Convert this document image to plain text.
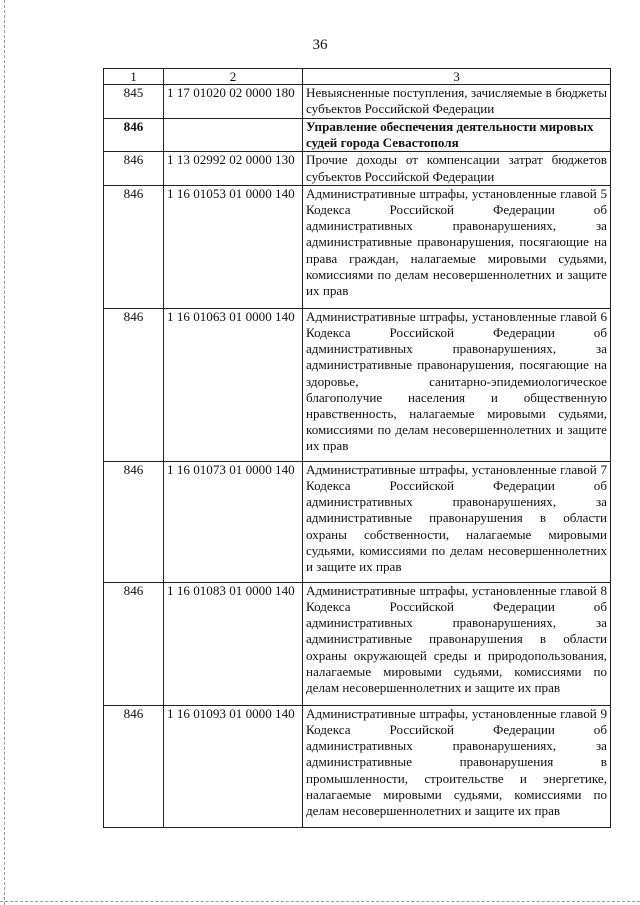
36
1	2	3
845	1 17 01020 02 0000 180	Невыясненные поступления, зачисляемые в бюджеты субъектов Российской Федерации
846		Управление обеспечения деятельности мировых судей города Севастополя
846	1 13 02992 02 0000 130	Прочие доходы от компенсации затрат бюджетов субъектов Российской Федерации
846	1 16 01053 01 0000 140	Административные штрафы, установленные главой 5 Кодекса Российской Федерации об административных правонарушениях, за административные правонарушения, посягающие на права граждан, налагаемые мировыми судьями, комиссиями по делам несовершеннолетних и защите их прав
846	1 16 01063 01 0000 140	Административные штрафы, установленные главой 6 Кодекса Российской Федерации об административных правонарушениях, за административные правонарушения, посягающие на здоровье, санитарно-эпидемиологическое благополучие населения и общественную нравственность, налагаемые мировыми судьями, комиссиями по делам несовершеннолетних и защите их прав
846	1 16 01073 01 0000 140	Административные штрафы, установленные главой 7 Кодекса Российской Федерации об административных правонарушениях, за административные правонарушения в области охраны собственности, налагаемые мировыми судьями, комиссиями по делам несовершеннолетних и защите их прав
846	1 16 01083 01 0000 140	Административные штрафы, установленные главой 8 Кодекса Российской Федерации об административных правонарушениях, за административные правонарушения в области охраны окружающей среды и природопользования, налагаемые мировыми судьями, комиссиями по делам несовершеннолетних и защите их прав
846	1 16 01093 01 0000 140	Административные штрафы, установленные главой 9 Кодекса Российской Федерации об административных правонарушениях, за административные правонарушения в промышленности, строительстве и энергетике, налагаемые мировыми судьями, комиссиями по делам несовершеннолетних и защите их прав
